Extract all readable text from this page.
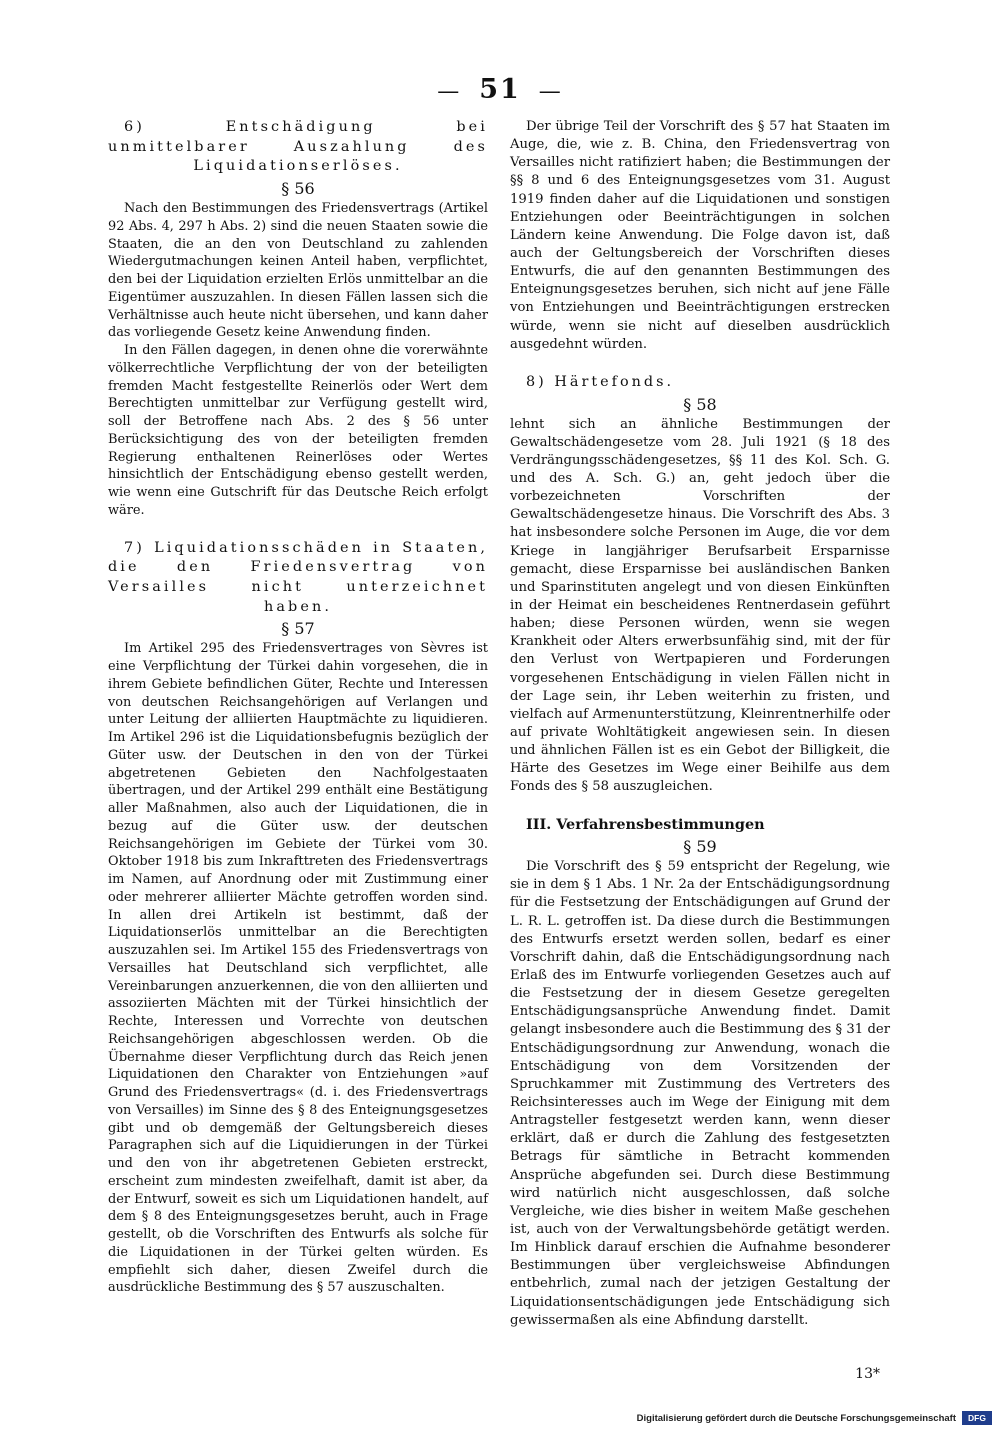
— 51 —

6) Entschädigung bei unmittelbarer Auszahlung des Liquidationserlöses.

§ 56

Nach den Bestimmungen des Friedensvertrags (Artikel 92 Abs. 4, 297 h Abs. 2) sind die neuen Staaten sowie die Staaten, die an den von Deutschland zu zahlenden Wiedergutmachungen keinen Anteil haben, verpflichtet, den bei der Liquidation erzielten Erlös unmittelbar an die Eigentümer auszuzahlen. In diesen Fällen lassen sich die Verhältnisse auch heute nicht übersehen, und kann daher das vorliegende Gesetz keine Anwendung finden.

In den Fällen dagegen, in denen ohne die vorerwähnte völkerrechtliche Verpflichtung der von der beteiligten fremden Macht festgestellte Reinerlös oder Wert dem Berechtigten unmittelbar zur Verfügung gestellt wird, soll der Betroffene nach Abs. 2 des § 56 unter Berücksichtigung des von der beteiligten fremden Regierung enthaltenen Reinerlöses oder Wertes hinsichtlich der Entschädigung ebenso gestellt werden, wie wenn eine Gutschrift für das Deutsche Reich erfolgt wäre.

7) Liquidationsschäden in Staaten, die den Friedensvertrag von Versailles nicht unterzeichnet haben.

§ 57

Im Artikel 295 des Friedensvertrages von Sèvres ist eine Verpflichtung der Türkei dahin vorgesehen, die in ihrem Gebiete befindlichen Güter, Rechte und Interessen von deutschen Reichsangehörigen auf Verlangen und unter Leitung der alliierten Hauptmächte zu liquidieren. Im Artikel 296 ist die Liquidationsbefugnis bezüglich der Güter usw. der Deutschen in den von der Türkei abgetretenen Gebieten den Nachfolgestaaten übertragen, und der Artikel 299 enthält eine Bestätigung aller Maßnahmen, also auch der Liquidationen, die in bezug auf die Güter usw. der deutschen Reichsangehörigen im Gebiete der Türkei vom 30. Oktober 1918 bis zum Inkrafttreten des Friedensvertrags im Namen, auf Anordnung oder mit Zustimmung einer oder mehrerer alliierter Mächte getroffen worden sind. In allen drei Artikeln ist bestimmt, daß der Liquidationserlös unmittelbar an die Berechtigten auszuzahlen sei. Im Artikel 155 des Friedensvertrags von Versailles hat Deutschland sich verpflichtet, alle Vereinbarungen anzuerkennen, die von den alliierten und assoziierten Mächten mit der Türkei hinsichtlich der Rechte, Interessen und Vorrechte von deutschen Reichsangehörigen abgeschlossen werden. Ob die Übernahme dieser Verpflichtung durch das Reich jenen Liquidationen den Charakter von Entziehungen »auf Grund des Friedensvertrags« (d. i. des Friedensvertrags von Versailles) im Sinne des § 8 des Enteignungsgesetzes gibt und ob demgemäß der Geltungsbereich dieses Paragraphen sich auf die Liquidierungen in der Türkei und den von ihr abgetretenen Gebieten erstreckt, erscheint zum mindesten zweifelhaft, damit ist aber, da der Entwurf, soweit es sich um Liquidationen handelt, auf dem § 8 des Enteignungsgesetzes beruht, auch in Frage gestellt, ob die Vorschriften des Entwurfs als solche für die Liquidationen in der Türkei gelten würden. Es empfiehlt sich daher, diesen Zweifel durch die ausdrückliche Bestimmung des § 57 auszuschalten.

Der übrige Teil der Vorschrift des § 57 hat Staaten im Auge, die, wie z. B. China, den Friedensvertrag von Versailles nicht ratifiziert haben; die Bestimmungen der §§ 8 und 6 des Enteignungsgesetzes vom 31. August 1919 finden daher auf die Liquidationen und sonstigen Entziehungen oder Beeinträchtigungen in solchen Ländern keine Anwendung. Die Folge davon ist, daß auch der Geltungsbereich der Vorschriften dieses Entwurfs, die auf den genannten Bestimmungen des Enteignungsgesetzes beruhen, sich nicht auf jene Fälle von Entziehungen und Beeinträchtigungen erstrecken würde, wenn sie nicht auf dieselben ausdrücklich ausgedehnt würden.

8) Härtefonds.

§ 58

lehnt sich an ähnliche Bestimmungen der Gewaltschädengesetze vom 28. Juli 1921 (§ 18 des Verdrängungsschädengesetzes, §§ 11 des Kol. Sch. G. und des A. Sch. G.) an, geht jedoch über die vorbezeichneten Vorschriften der Gewaltschädengesetze hinaus. Die Vorschrift des Abs. 3 hat insbesondere solche Personen im Auge, die vor dem Kriege in langjähriger Berufsarbeit Ersparnisse gemacht, diese Ersparnisse bei ausländischen Banken und Sparinstituten angelegt und von diesen Einkünften in der Heimat ein bescheidenes Rentnerdasein geführt haben; diese Personen würden, wenn sie wegen Krankheit oder Alters erwerbsunfähig sind, mit der für den Verlust von Wertpapieren und Forderungen vorgesehenen Entschädigung in vielen Fällen nicht in der Lage sein, ihr Leben weiterhin zu fristen, und vielfach auf Armenunterstützung, Kleinrentnerhilfe oder auf private Wohltätigkeit angewiesen sein. In diesen und ähnlichen Fällen ist es ein Gebot der Billigkeit, die Härte des Gesetzes im Wege einer Beihilfe aus dem Fonds des § 58 auszugleichen.

III. Verfahrensbestimmungen

§ 59

Die Vorschrift des § 59 entspricht der Regelung, wie sie in dem § 1 Abs. 1 Nr. 2a der Entschädigungsordnung für die Festsetzung der Entschädigungen auf Grund der L. R. L. getroffen ist. Da diese durch die Bestimmungen des Entwurfs ersetzt werden sollen, bedarf es einer Vorschrift dahin, daß die Entschädigungsordnung nach Erlaß des im Entwurfe vorliegenden Gesetzes auch auf die Festsetzung der in diesem Gesetze geregelten Entschädigungsansprüche Anwendung findet. Damit gelangt insbesondere auch die Bestimmung des § 31 der Entschädigungsordnung zur Anwendung, wonach die Entschädigung von dem Vorsitzenden der Spruchkammer mit Zustimmung des Vertreters des Reichsinteresses auch im Wege der Einigung mit dem Antragsteller festgesetzt werden kann, wenn dieser erklärt, daß er durch die Zahlung des festgesetzten Betrags für sämtliche in Betracht kommenden Ansprüche abgefunden sei. Durch diese Bestimmung wird natürlich nicht ausgeschlossen, daß solche Vergleiche, wie dies bisher in weitem Maße geschehen ist, auch von der Verwaltungsbehörde getätigt werden. Im Hinblick darauf erschien die Aufnahme besonderer Bestimmungen über vergleichsweise Abfindungen entbehrlich, zumal nach der jetzigen Gestaltung der Liquidationsentschädigungen jede Entschädigung sich gewissermaßen als eine Abfindung darstellt.

13*
Digitalisierung gefördert durch die Deutsche Forschungsgemeinschaft	DFG
